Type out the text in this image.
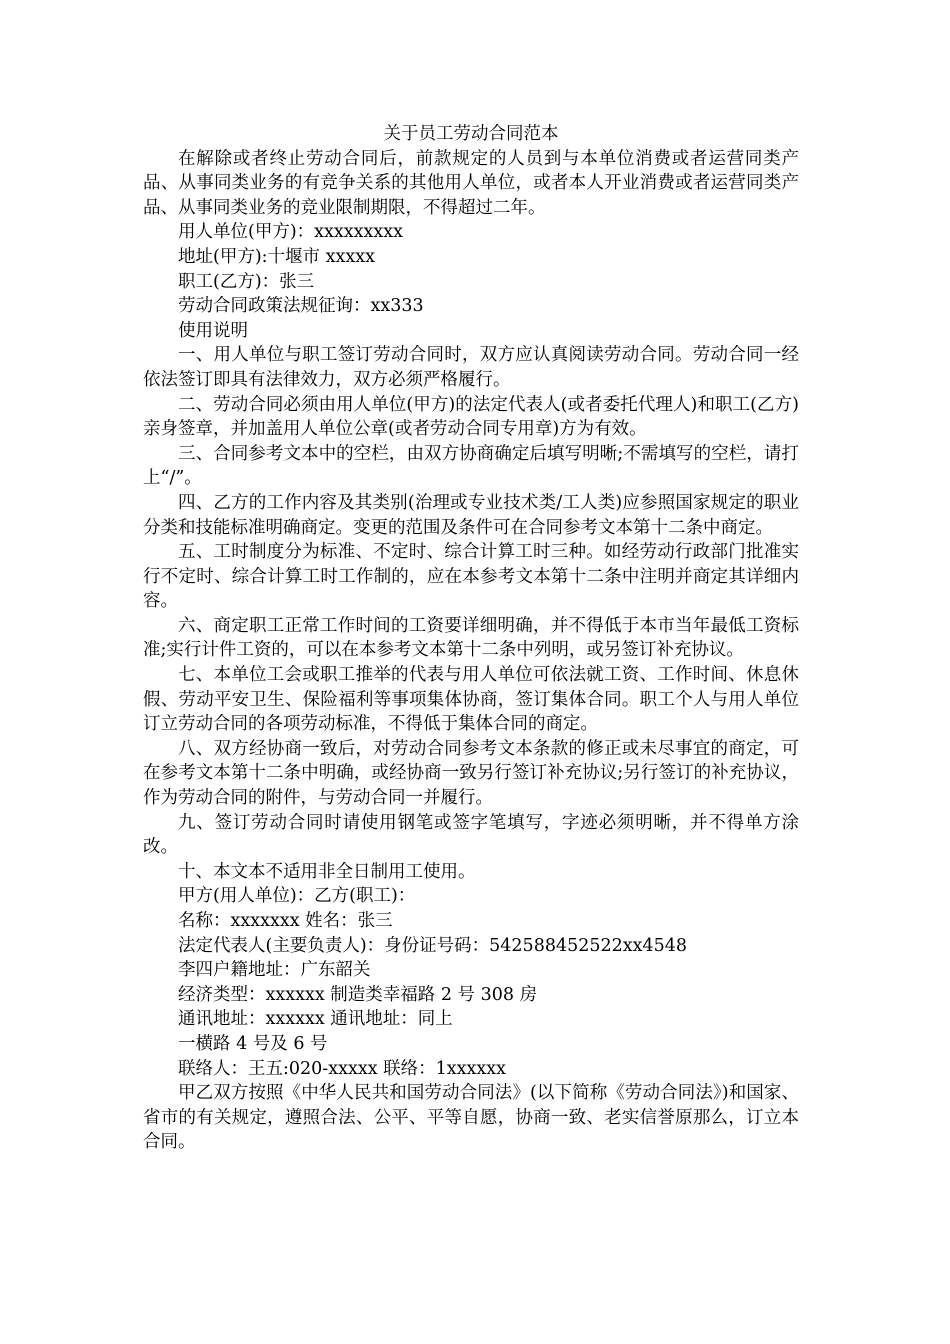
关于员工劳动合同范本

在解除或者终止劳动合同后，前款规定的人员到与本单位消费或者运营同类产品、从事同类业务的有竞争关系的其他用人单位，或者本人开业消费或者运营同类产品、从事同类业务的竞业限制期限，不得超过二年。

用人单位(甲方)：xxxxxxxxx

地址(甲方):十堰市 xxxxx

职工(乙方)：张三

劳动合同政策法规征询：xx333

使用说明

一、用人单位与职工签订劳动合同时，双方应认真阅读劳动合同。劳动合同一经依法签订即具有法律效力，双方必须严格履行。

二、劳动合同必须由用人单位(甲方)的法定代表人(或者委托代理人)和职工(乙方)亲身签章，并加盖用人单位公章(或者劳动合同专用章)方为有效。

三、合同参考文本中的空栏，由双方协商确定后填写明晰;不需填写的空栏，请打上“/”。

四、乙方的工作内容及其类别(治理或专业技术类/工人类)应参照国家规定的职业分类和技能标准明确商定。变更的范围及条件可在合同参考文本第十二条中商定。

五、工时制度分为标准、不定时、综合计算工时三种。如经劳动行政部门批准实行不定时、综合计算工时工作制的，应在本参考文本第十二条中注明并商定其详细内容。

六、商定职工正常工作时间的工资要详细明确，并不得低于本市当年最低工资标准;实行计件工资的，可以在本参考文本第十二条中列明，或另签订补充协议。

七、本单位工会或职工推举的代表与用人单位可依法就工资、工作时间、休息休假、劳动平安卫生、保险福利等事项集体协商，签订集体合同。职工个人与用人单位订立劳动合同的各项劳动标准，不得低于集体合同的商定。

八、双方经协商一致后，对劳动合同参考文本条款的修正或未尽事宜的商定，可在参考文本第十二条中明确，或经协商一致另行签订补充协议;另行签订的补充协议，作为劳动合同的附件，与劳动合同一并履行。

九、签订劳动合同时请使用钢笔或签字笔填写，字迹必须明晰，并不得单方涂改。

十、本文本不适用非全日制用工使用。

甲方(用人单位)：乙方(职工)：

名称：xxxxxxx 姓名：张三

法定代表人(主要负责人)：身份证号码：542588452522xx4548

李四户籍地址：广东韶关

经济类型：xxxxxx 制造类幸福路 2 号 308 房

通讯地址：xxxxxx 通讯地址：同上

一横路 4 号及 6 号

联络人：王五:020-xxxxx 联络：1xxxxxx

甲乙双方按照《中华人民共和国劳动合同法》(以下简称《劳动合同法》)和国家、省市的有关规定，遵照合法、公平、平等自愿，协商一致、老实信誉原那么，订立本合同。
